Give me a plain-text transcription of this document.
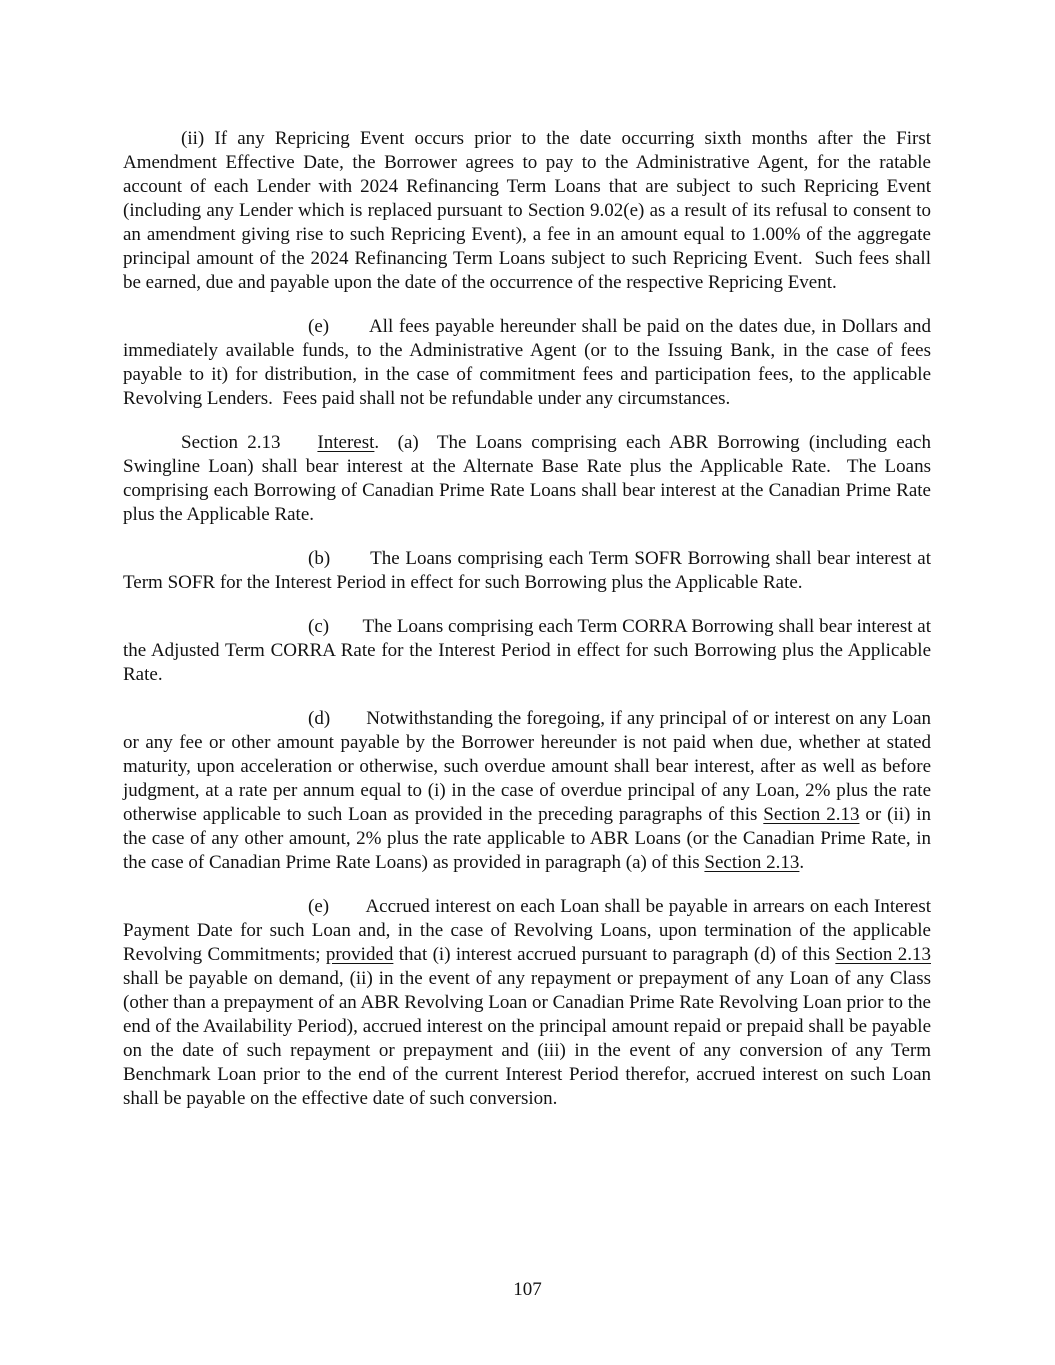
(ii) If any Repricing Event occurs prior to the date occurring sixth months after the First Amendment Effective Date, the Borrower agrees to pay to the Administrative Agent, for the ratable account of each Lender with 2024 Refinancing Term Loans that are subject to such Repricing Event (including any Lender which is replaced pursuant to Section 9.02(e) as a result of its refusal to consent to an amendment giving rise to such Repricing Event), a fee in an amount equal to 1.00% of the aggregate principal amount of the 2024 Refinancing Term Loans subject to such Repricing Event.  Such fees shall be earned, due and payable upon the date of the occurrence of the respective Repricing Event.

(e)       All fees payable hereunder shall be paid on the dates due, in Dollars and immediately available funds, to the Administrative Agent (or to the Issuing Bank, in the case of fees payable to it) for distribution, in the case of commitment fees and participation fees, to the applicable Revolving Lenders.  Fees paid shall not be refundable under any circumstances.

Section 2.13    Interest.  (a)  The Loans comprising each ABR Borrowing (including each Swingline Loan) shall bear interest at the Alternate Base Rate plus the Applicable Rate.  The Loans comprising each Borrowing of Canadian Prime Rate Loans shall bear interest at the Canadian Prime Rate plus the Applicable Rate.

(b)       The Loans comprising each Term SOFR Borrowing shall bear interest at Term SOFR for the Interest Period in effect for such Borrowing plus the Applicable Rate.

(c)       The Loans comprising each Term CORRA Borrowing shall bear interest at the Adjusted Term CORRA Rate for the Interest Period in effect for such Borrowing plus the Applicable Rate.

(d)       Notwithstanding the foregoing, if any principal of or interest on any Loan or any fee or other amount payable by the Borrower hereunder is not paid when due, whether at stated maturity, upon acceleration or otherwise, such overdue amount shall bear interest, after as well as before judgment, at a rate per annum equal to (i) in the case of overdue principal of any Loan, 2% plus the rate otherwise applicable to such Loan as provided in the preceding paragraphs of this Section 2.13 or (ii) in the case of any other amount, 2% plus the rate applicable to ABR Loans (or the Canadian Prime Rate, in the case of Canadian Prime Rate Loans) as provided in paragraph (a) of this Section 2.13.

(e)       Accrued interest on each Loan shall be payable in arrears on each Interest Payment Date for such Loan and, in the case of Revolving Loans, upon termination of the applicable Revolving Commitments; provided that (i) interest accrued pursuant to paragraph (d) of this Section 2.13 shall be payable on demand, (ii) in the event of any repayment or prepayment of any Loan of any Class (other than a prepayment of an ABR Revolving Loan or Canadian Prime Rate Revolving Loan prior to the end of the Availability Period), accrued interest on the principal amount repaid or prepaid shall be payable on the date of such repayment or prepayment and (iii) in the event of any conversion of any Term Benchmark Loan prior to the end of the current Interest Period therefor, accrued interest on such Loan shall be payable on the effective date of such conversion.

107
